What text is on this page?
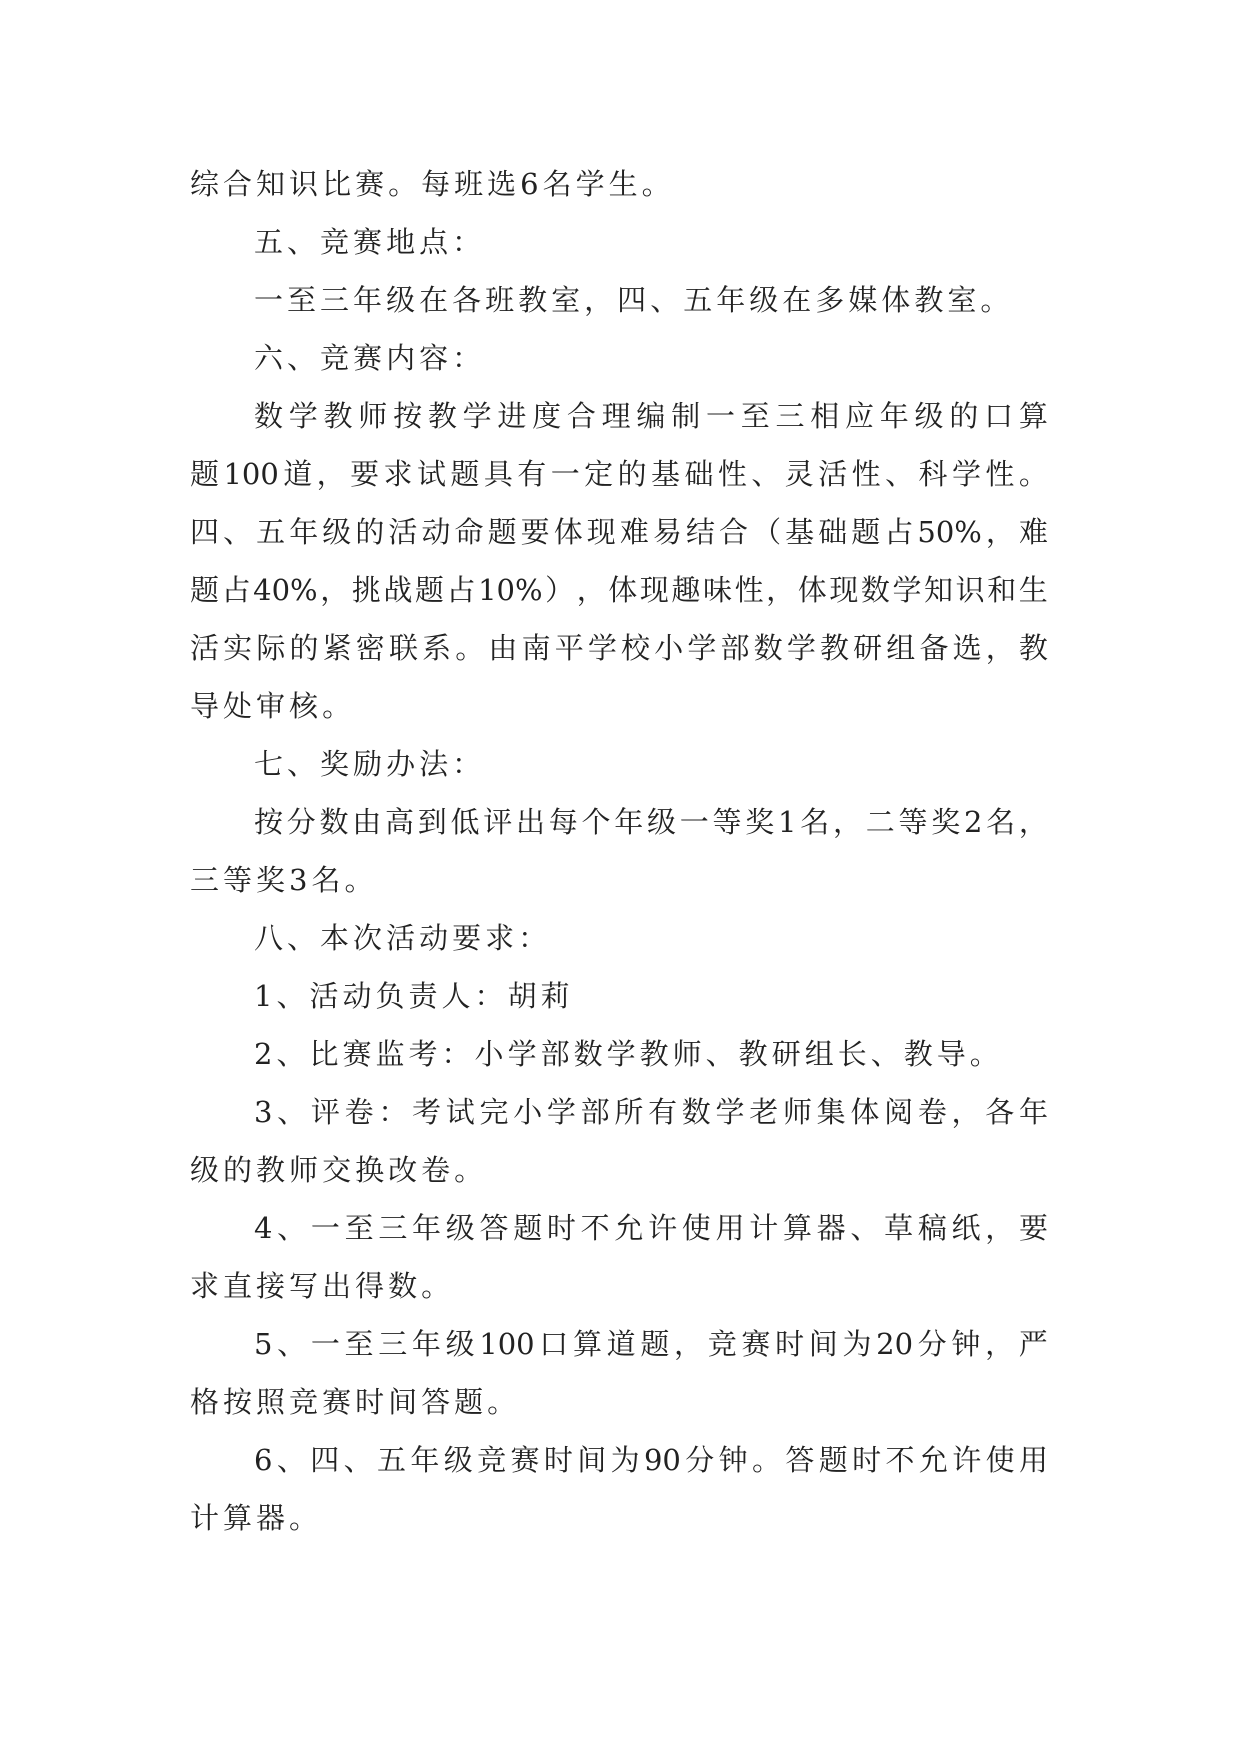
综 合 知 识 比 赛 。 每 班 选 6 名 学 生 。
五 、 竞 赛 地 点 ：
一 至 三 年 级 在 各 班 教 室 ， 四 、 五 年 级 在 多 媒 体 教 室 。
六 、 竞 赛 内 容 ：
数 学 教 师 按 教 学 进 度 合 理 编 制 一 至 三 相 应 年 级 的 口 算
题 100 道 ， 要 求 试 题 具 有 一 定 的 基 础 性 、 灵 活 性 、 科 学 性 。
四 、 五 年 级 的 活 动 命 题 要 体 现 难 易 结 合 （ 基 础 题 占 50% ， 难
题 占 40% ， 挑 战 题 占 10% ） ， 体 现 趣 味 性 ， 体 现 数 学 知 识 和 生
活 实 际 的 紧 密 联 系 。 由 南 平 学 校 小 学 部 数 学 教 研 组 备 选 ， 教
导 处 审 核 。
七 、 奖 励 办 法 ：
按 分 数 由 高 到 低 评 出 每 个 年 级 一 等 奖 1 名 ， 二 等 奖 2 名 ，
三 等 奖 3 名 。
八 、 本 次 活 动 要 求 ：
1 、 活 动 负 责 人 ： 胡 莉
2 、 比 赛 监 考 ： 小 学 部 数 学 教 师 、 教 研 组 长 、 教 导 。
3 、 评 卷 ： 考 试 完 小 学 部 所 有 数 学 老 师 集 体 阅 卷 ， 各 年
级 的 教 师 交 换 改 卷 。
4 、 一 至 三 年 级 答 题 时 不 允 许 使 用 计 算 器 、 草 稿 纸 ， 要
求 直 接 写 出 得 数 。
5 、 一 至 三 年 级 100 口 算 道 题 ， 竞 赛 时 间 为 20 分 钟 ， 严
格 按 照 竞 赛 时 间 答 题 。
6 、 四 、 五 年 级 竞 赛 时 间 为 90 分 钟 。 答 题 时 不 允 许 使 用
计 算 器 。
